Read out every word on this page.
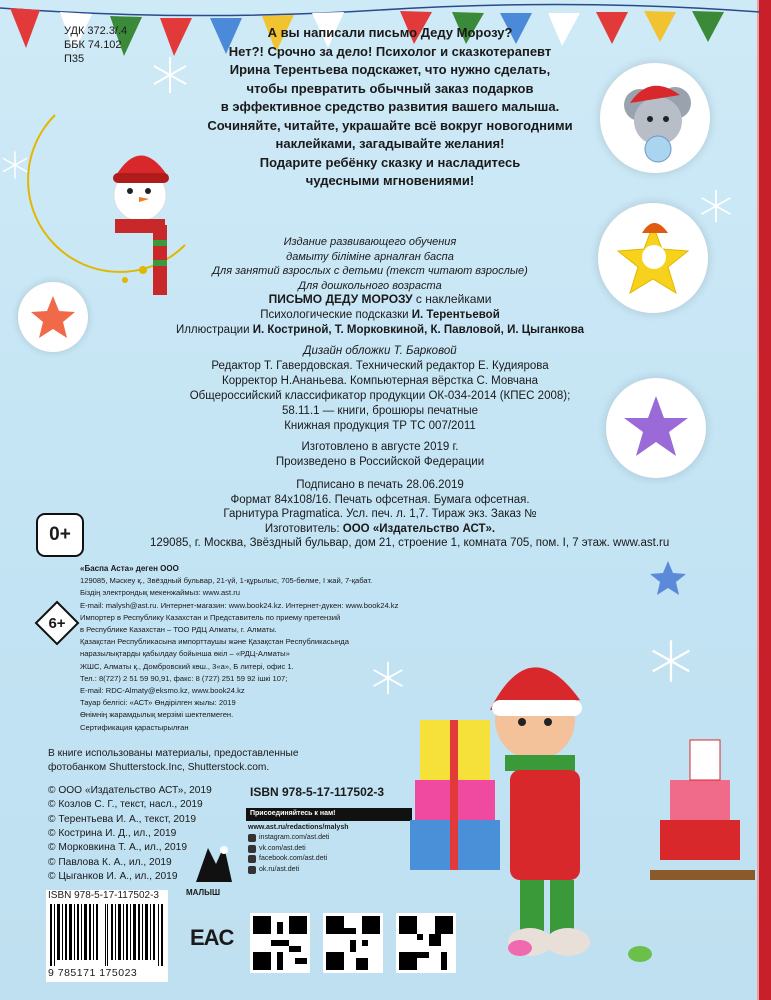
УДК 372.3/.4
ББК 74.102
П35
А вы написали письмо Деду Морозу?
Нет?! Срочно за дело! Психолог и сказкотерапевт
Ирина Терентьева подскажет, что нужно сделать,
чтобы превратить обычный заказ подарков
в эффективное средство развития вашего малыша.
Сочиняйте, читайте, украшайте всё вокруг новогодними
наклейками, загадывайте желания!
Подарите ребёнку сказку и насладитесь
чудесными мгновениями!
Издание развивающего обучения
дамыту біліміне арналған баспа
Для занятий взрослых с детьми (текст читают взрослые)
Для дошкольного возраста
ПИСЬМО ДЕДУ МОРОЗУ с наклейками
Психологические подсказки И. Терентьевой
Иллюстрации И. Костриной, Т. Морковкиной, К. Павловой, И. Цыганкова
Дизайн обложки Т. Барковой
Редактор Т. Гавердовская. Технический редактор Е. Кудиярова
Корректор Н.Ананьева. Компьютерная вёрстка С. Мовчана
Общероссийский классификатор продукции ОК-034-2014 (КПЕС 2008);
58.11.1 — книги, брошюры печатные
Книжная продукция ТР ТС 007/2011
Изготовлено в августе 2019 г.
Произведено в Российской Федерации
Подписано в печать 28.06.2019
Формат 84x108/16. Печать офсетная. Бумага офсетная.
Гарнитура Pragmatica. Усл. печ. л. 1,7. Тираж экз. Заказ №
Изготовитель: ООО «Издательство АСТ».
129085, г. Москва, Звёздный бульвар, дом 21, строение 1, комната 705, пом. I, 7 этаж. www.ast.ru
0+
6+
«Баспа Аста» деген ООО
129085, Мәскеу қ., Звёздный бульвар, 21-үй, 1-құрылыс, 705-бөлме, I жай, 7-қабат.
Біздің электрондық мекенжаймыз: www.ast.ru
E-mail: malysh@ast.ru. Интернет-магазин: www.book24.kz. Интернет-дүкен: www.book24.kz
Импортер в Республику Казахстан и Представитель по приему претензий
в Республике Казахстан – ТОО РДЦ Алматы, г. Алматы.
Қазақстан Республикасына импорттаушы және Қазақстан Республикасында
наразылықтарды қабылдау бойынша өкіл – «РДЦ-Алматы»
ЖШС, Алматы қ., Домбровский көш., 3«а», Б литері, офис 1.
Тел.: 8(727) 2 51 59 90,91, факс: 8 (727) 251 59 92 ішкі 107;
E-mail: RDC-Almaty@eksmo.kz, www.book24.kz
Тауар белгісі: «АСТ» Өндірілген жылы: 2019
Өнімнің жарамдылық мерзімі шектелмеген.
Сертификация қарастырылған
В книге использованы материалы, предоставленные
фотобанком Shutterstock.Inc, Shutterstock.com.
© ООО «Издательство АСТ», 2019
© Козлов С. Г., текст, насл., 2019
© Терентьева И. А., текст, 2019
© Кострина И. Д., ил., 2019
© Морковкина Т. А., ил., 2019
© Павлова К. А., ил., 2019
© Цыганков И. А., ил., 2019
ISBN 978-5-17-117502-3
Присоединяйтесь к нам!
www.ast.ru/redactions/malysh
instagram.com/ast.deti
vk.com/ast.deti
facebook.com/ast.deti
ok.ru/ast.deti
МАЛЫШ
EAC
ISBN 978-5-17-117502-3
9 785171 175023
